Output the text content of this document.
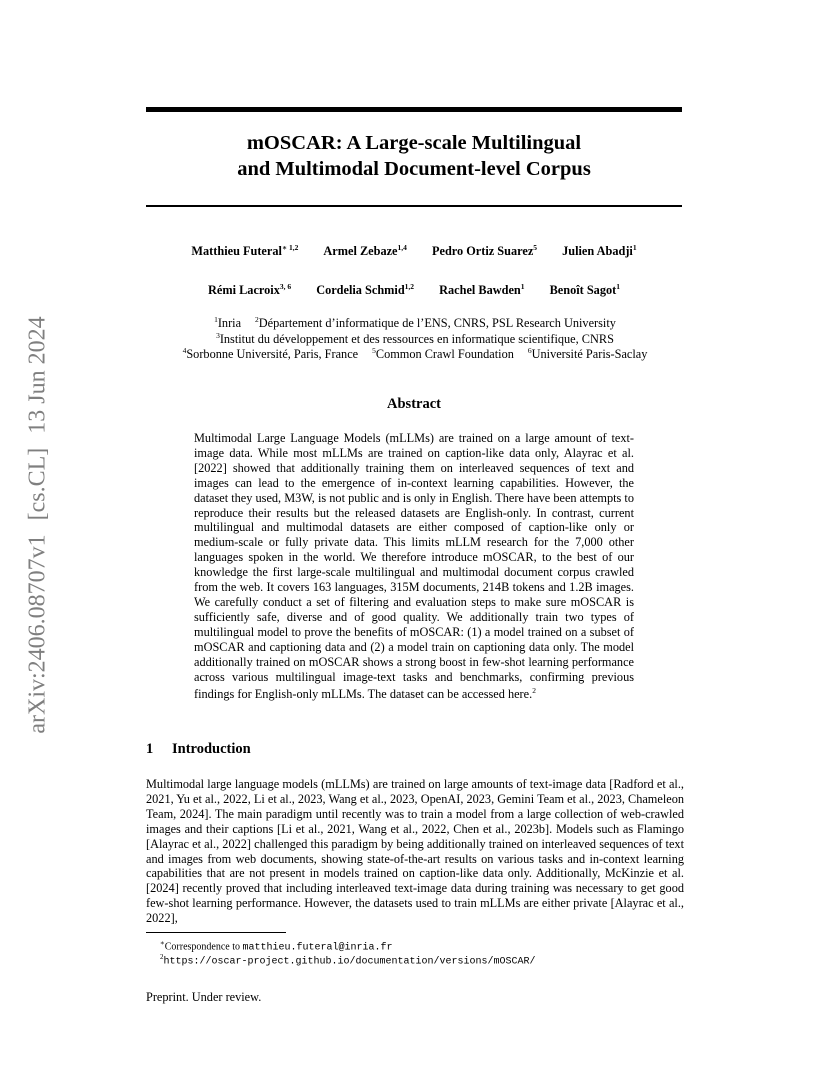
arXiv:2406.08707v1[cs.CL]13 Jun 2024
mOSCAR: A Large-scale Multilingual
and Multimodal Document-level Corpus
Matthieu Futeral$^{∗ 1,2}$ Armel Zebaze$^{1,4}$ Pedro Ortiz Suarez$^5$ Julien Abadji$^1$
Rémi Lacroix$^{3, 6}$ Cordelia Schmid$^{1,2}$ Rachel Bawden$^1$ Benoît Sagot$^1$
$^1$Inria $^2$Département d’informatique de l’ENS, CNRS, PSL Research University
$^3$Institut du développement et des ressources en informatique scientifique, CNRS
$^4$Sorbonne Université, Paris, France $^5$Common Crawl Foundation $^6$Université Paris-Saclay
Abstract
Multimodal Large Language Models (mLLMs) are trained on a large amount of text-image data. While most mLLMs are trained on caption-like data only, Alayrac et al. [2022] showed that additionally training them on interleaved sequences of text and images can lead to the emergence of in-context learning capabilities. However, the dataset they used, M3W, is not public and is only in English. There have been attempts to reproduce their results but the released datasets are English-only. In contrast, current multilingual and multimodal datasets are either composed of caption-like only or medium-scale or fully private data. This limits mLLM research for the 7,000 other languages spoken in the world. We therefore introduce mOSCAR, to the best of our knowledge the first large-scale multilingual and multimodal document corpus crawled from the web. It covers 163 languages, 315M documents, 214B tokens and 1.2B images. We carefully conduct a set of filtering and evaluation steps to make sure mOSCAR is sufficiently safe, diverse and of good quality. We additionally train two types of multilingual model to prove the benefits of mOSCAR: (1) a model trained on a subset of mOSCAR and captioning data and (2) a model train on captioning data only. The model additionally trained on mOSCAR shows a strong boost in few-shot learning performance across various multilingual image-text tasks and benchmarks, confirming previous findings for English-only mLLMs. The dataset can be accessed here.$^2$
1 Introduction
Multimodal large language models (mLLMs) are trained on large amounts of text-image data [Radford et al., 2021, Yu et al., 2022, Li et al., 2023, Wang et al., 2023, OpenAI, 2023, Gemini Team et al., 2023, Chameleon Team, 2024]. The main paradigm until recently was to train a model from a large collection of web-crawled images and their captions [Li et al., 2021, Wang et al., 2022, Chen et al., 2023b]. Models such as Flamingo [Alayrac et al., 2022] challenged this paradigm by being additionally trained on interleaved sequences of text and images from web documents, showing state-of-the-art results on various tasks and in-context learning capabilities that are not present in models trained on caption-like data only. Additionally, McKinzie et al. [2024] recently proved that including interleaved text-image data during training was necessary to get good few-shot learning performance. However, the datasets used to train mLLMs are either private [Alayrac et al., 2022],
∗Correspondence to matthieu.futeral@inria.fr
$^2$https://oscar-project.github.io/documentation/versions/mOSCAR/
Preprint. Under review.
